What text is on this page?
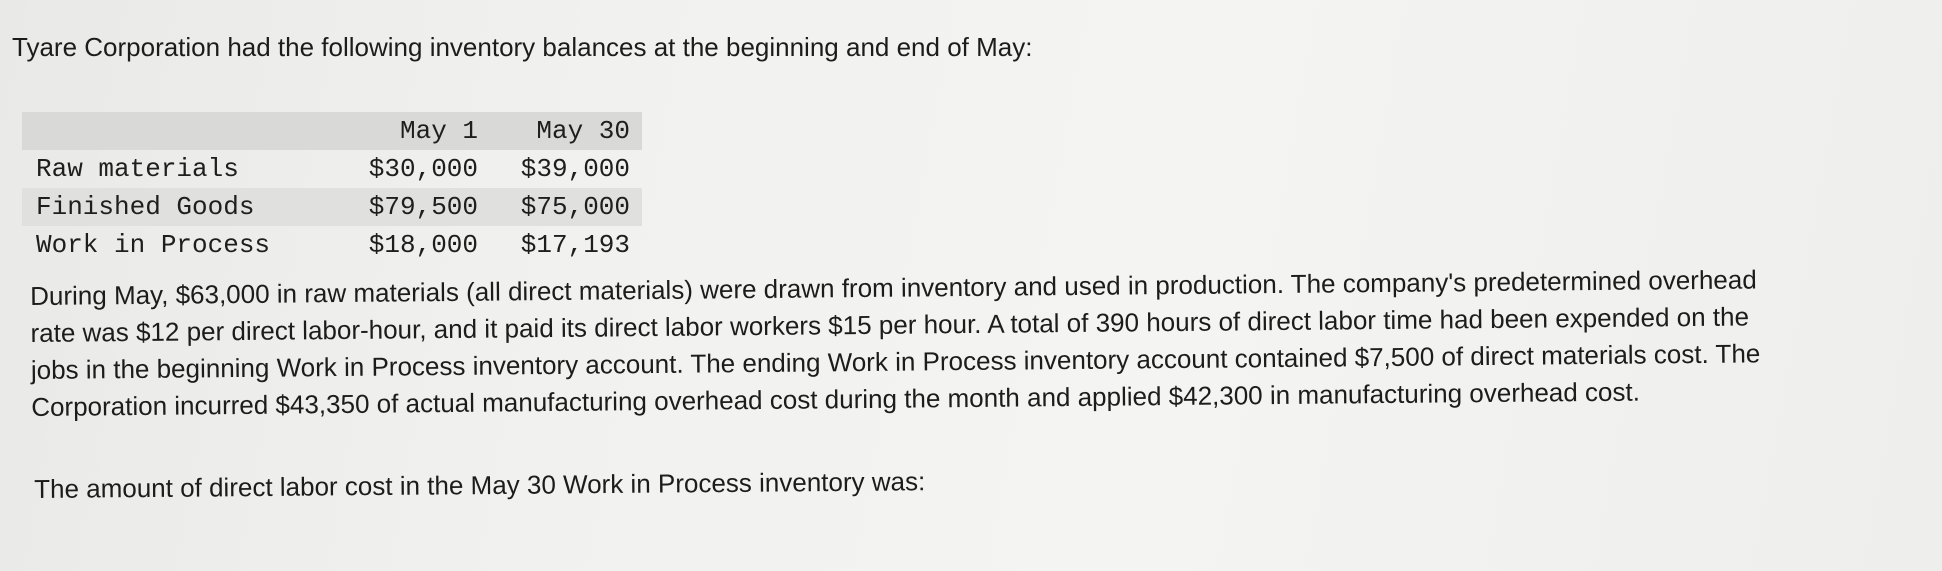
Tyare Corporation had the following inventory balances at the beginning and end of May:
	May 1	May 30
Raw materials	$30,000	$39,000
Finished Goods	$79,500	$75,000
Work in Process	$18,000	$17,193

During May, $63,000 in raw materials (all direct materials) were drawn from inventory and used in production. The company's predetermined overhead

rate was $12 per direct labor-hour, and it paid its direct labor workers $15 per hour. A total of 390 hours of direct labor time had been expended on the

jobs in the beginning Work in Process inventory account. The ending Work in Process inventory account contained $7,500 of direct materials cost. The

Corporation incurred $43,350 of actual manufacturing overhead cost during the month and applied $42,300 in manufacturing overhead cost.

The amount of direct labor cost in the May 30 Work in Process inventory was:
